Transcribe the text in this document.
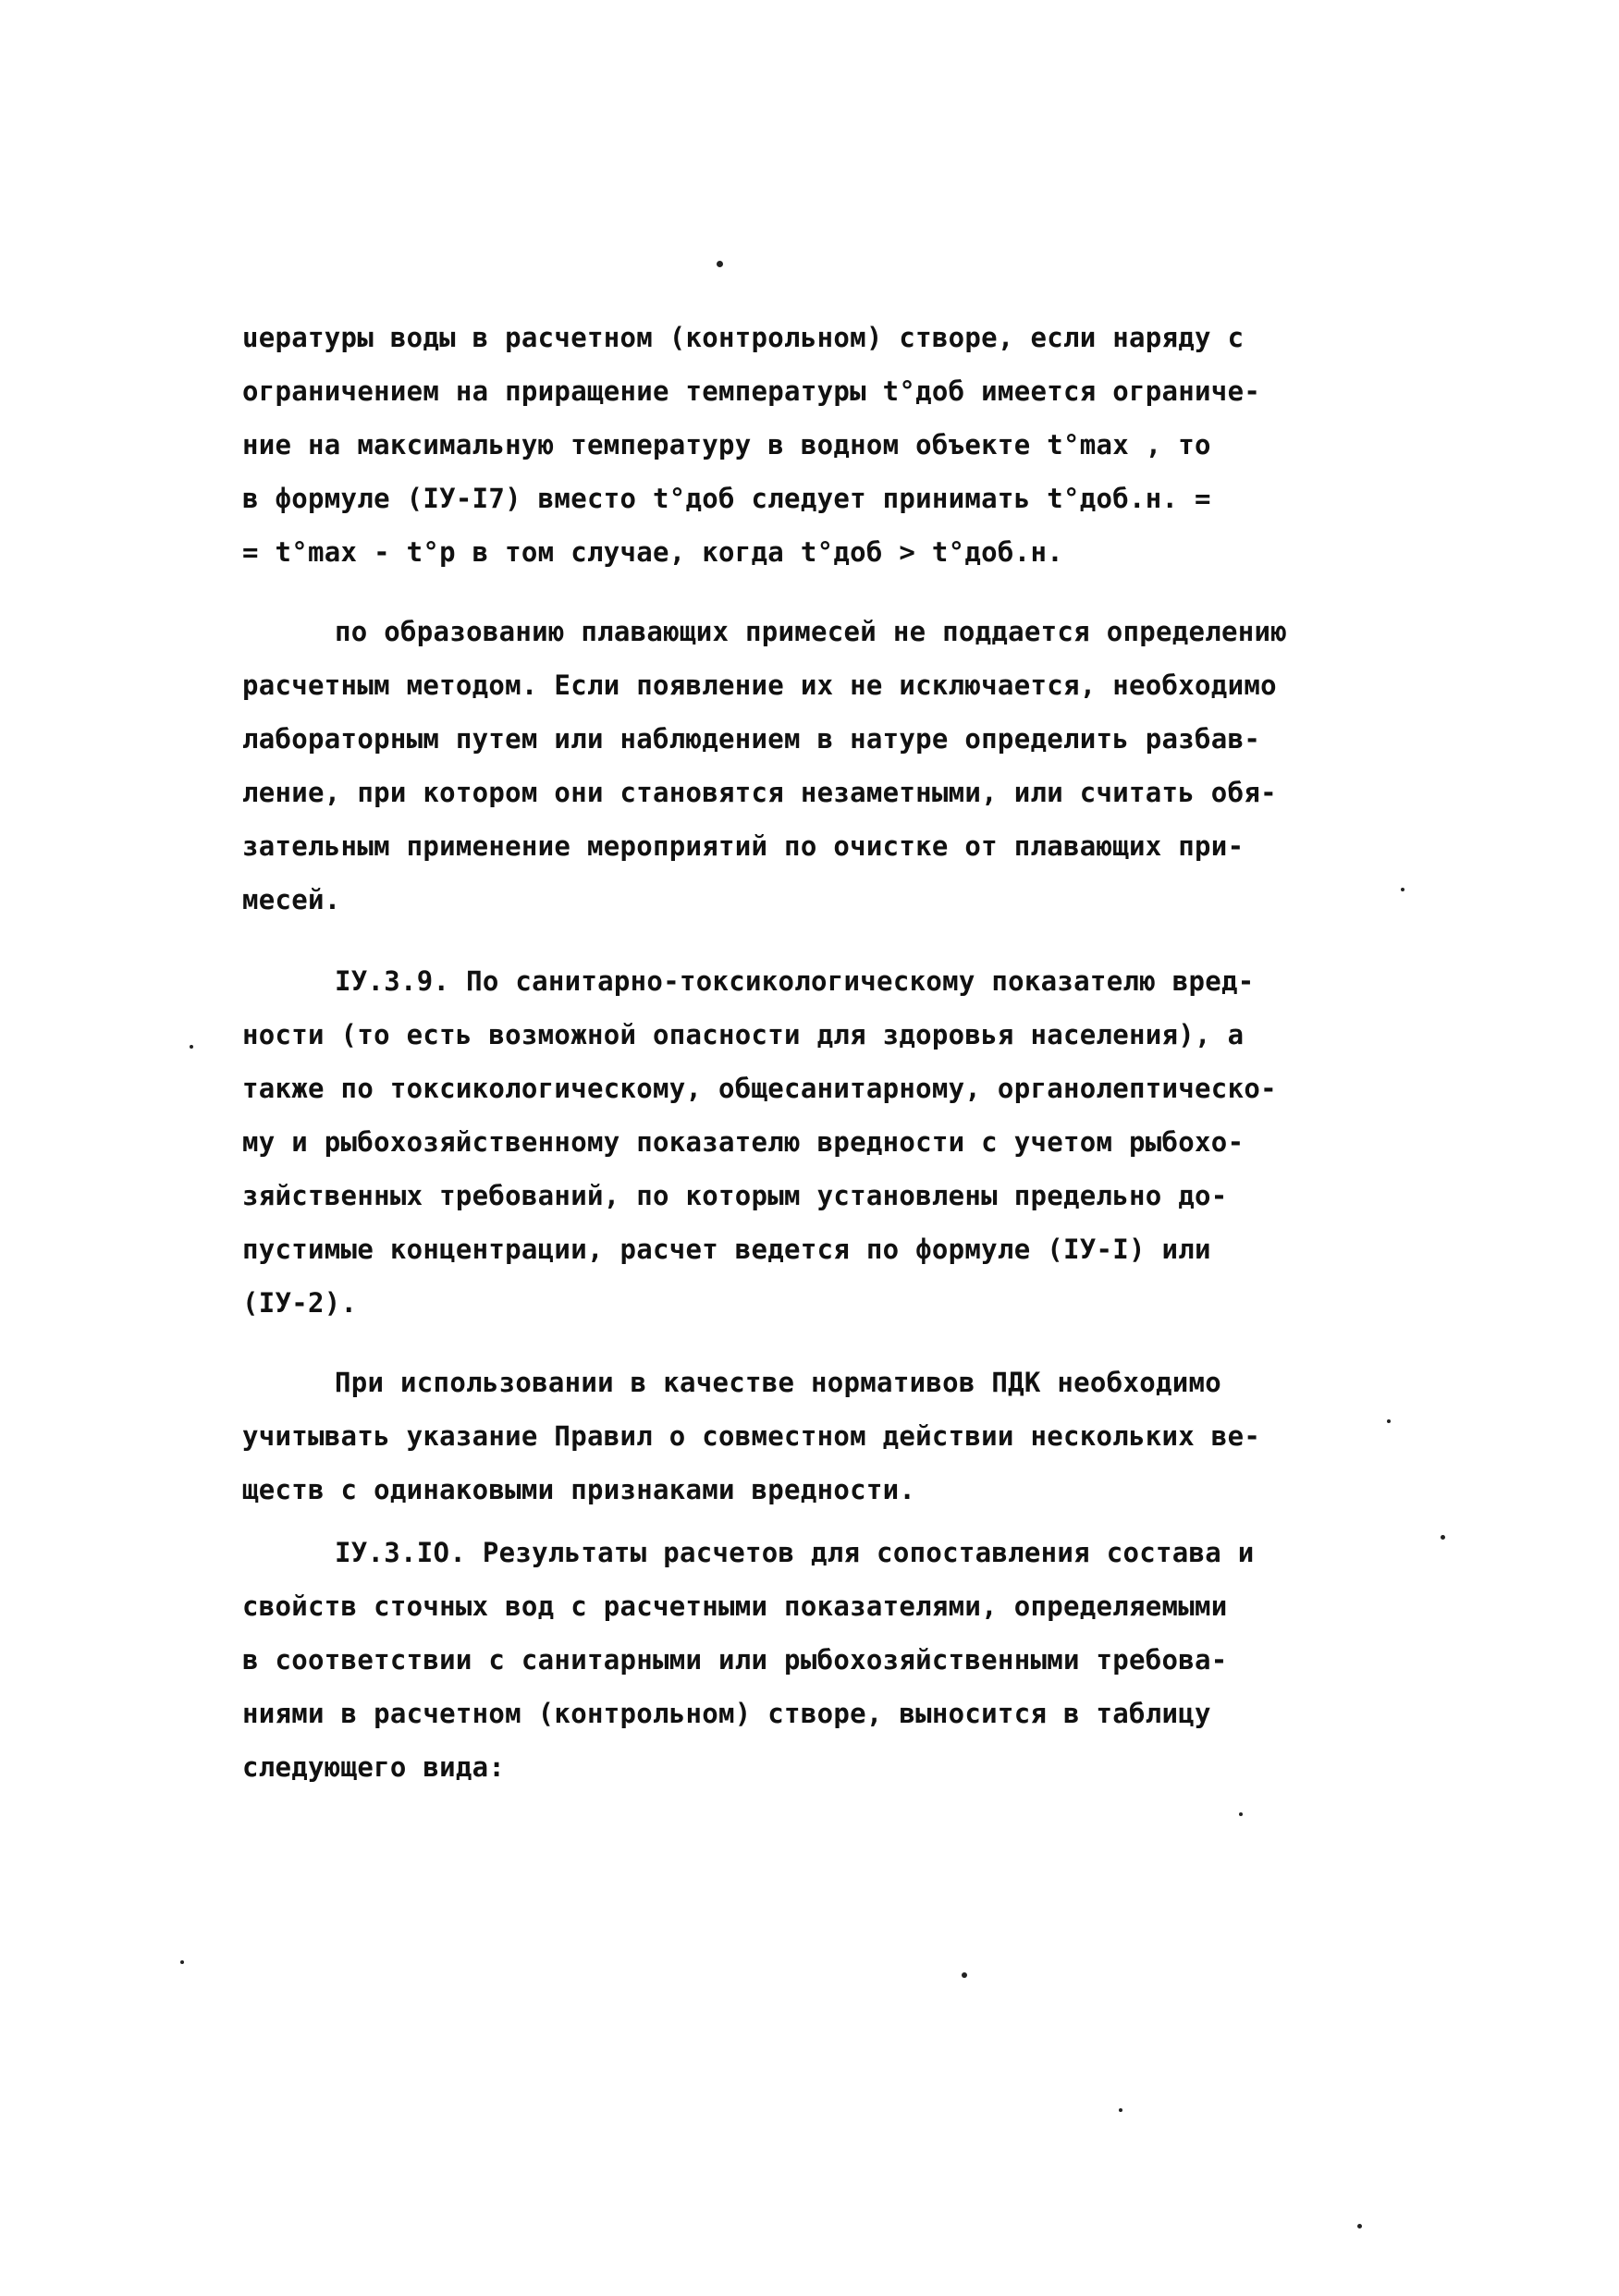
uepaтуры воды в расчетном (контрольном) створе, если наряду с
ограничением на приращение температуры t°доб имеется ограниче-
ние на максимальную температуру в водном объекте t°max , то
в формуле (IУ-I7) вместо t°доб следует принимать t°доб.н. =
= t°max - t°p в том случае, когда t°доб > t°доб.н.
по образованию плавающих примесей не поддается определению
расчетным методом. Если появление их не исключается, необходимо
лабораторным путем или наблюдением в натуре определить разбав-
ление, при котором они становятся незаметными, или считать обя-
зательным применение мероприятий по очистке от плавающих при-
месей.
IУ.3.9. По санитарно-токсикологическому показателю вред-
ности (то есть возможной опасности для здоровья населения), а
также по токсикологическому, общесанитарному, органолептическо-
му и рыбохозяйственному показателю вредности с учетом рыбохо-
зяйственных требований, по которым установлены предельно до-
пустимые концентрации, расчет ведется по формуле (IУ-I) или
(IУ-2).
При использовании в качестве нормативов ПДК необходимо
учитывать указание Правил о совместном действии нескольких ве-
ществ с одинаковыми признаками вредности.
IУ.3.IO. Результаты расчетов для сопоставления состава и
свойств сточных вод с расчетными показателями, определяемыми
в соответствии с санитарными или рыбохозяйственными требова-
ниями в расчетном (контрольном) створе, выносится в таблицу
следующего вида:
